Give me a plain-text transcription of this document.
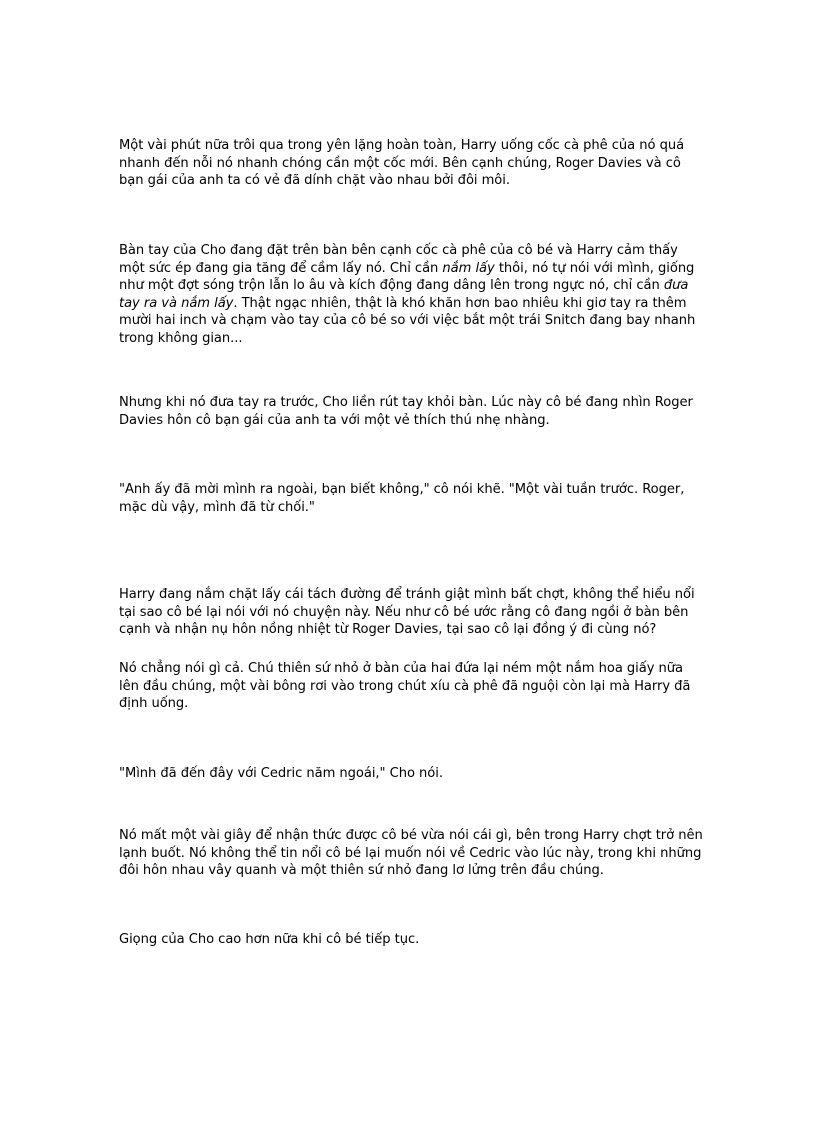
Một vài phút nữa trôi qua trong yên lặng hoàn toàn, Harry uống cốc cà phê của nó quá nhanh đến nỗi nó nhanh chóng cần một cốc mới. Bên cạnh chúng, Roger Davies và cô bạn gái của anh ta có vẻ đã dính chặt vào nhau bởi đôi môi.

Bàn tay của Cho đang đặt trên bàn bên cạnh cốc cà phê của cô bé và Harry cảm thấy một sức ép đang gia tăng để cầm lấy nó. Chỉ cần nắm lấy thôi, nó tự nói với mình, giống như một đợt sóng trộn lẫn lo âu và kích động đang dâng lên trong ngực nó, chỉ cần đưa tay ra và nắm lấy. Thật ngạc nhiên, thật là khó khăn hơn bao nhiêu khi giơ tay ra thêm mười hai inch và chạm vào tay của cô bé so với việc bắt một trái Snitch đang bay nhanh trong không gian...

Nhưng khi nó đưa tay ra trước, Cho liền rút tay khỏi bàn. Lúc này cô bé đang nhìn Roger Davies hôn cô bạn gái của anh ta với một vẻ thích thú nhẹ nhàng.

"Anh ấy đã mời mình ra ngoài, bạn biết không," cô nói khẽ. "Một vài tuần trước. Roger, mặc dù vậy, mình đã từ chối."

Harry đang nắm chặt lấy cái tách đường để tránh giật mình bất chợt, không thể hiểu nổi tại sao cô bé lại nói với nó chuyện này. Nếu như cô bé ước rằng cô đang ngồi ở bàn bên cạnh và nhận nụ hôn nồng nhiệt từ Roger Davies, tại sao cô lại đồng ý đi cùng nó?

Nó chẳng nói gì cả. Chú thiên sứ nhỏ ở bàn của hai đứa lại ném một nắm hoa giấy nữa lên đầu chúng, một vài bông rơi vào trong chút xíu cà phê đã nguội còn lại mà Harry đã định uống.

"Mình đã đến đây với Cedric năm ngoái," Cho nói.

Nó mất một vài giây để nhận thức được cô bé vừa nói cái gì, bên trong Harry chợt trở nên lạnh buốt. Nó không thể tin nổi cô bé lại muốn nói về Cedric vào lúc này, trong khi những đôi hôn nhau vây quanh và một thiên sứ nhỏ đang lơ lửng trên đầu chúng.

Giọng của Cho cao hơn nữa khi cô bé tiếp tục.
